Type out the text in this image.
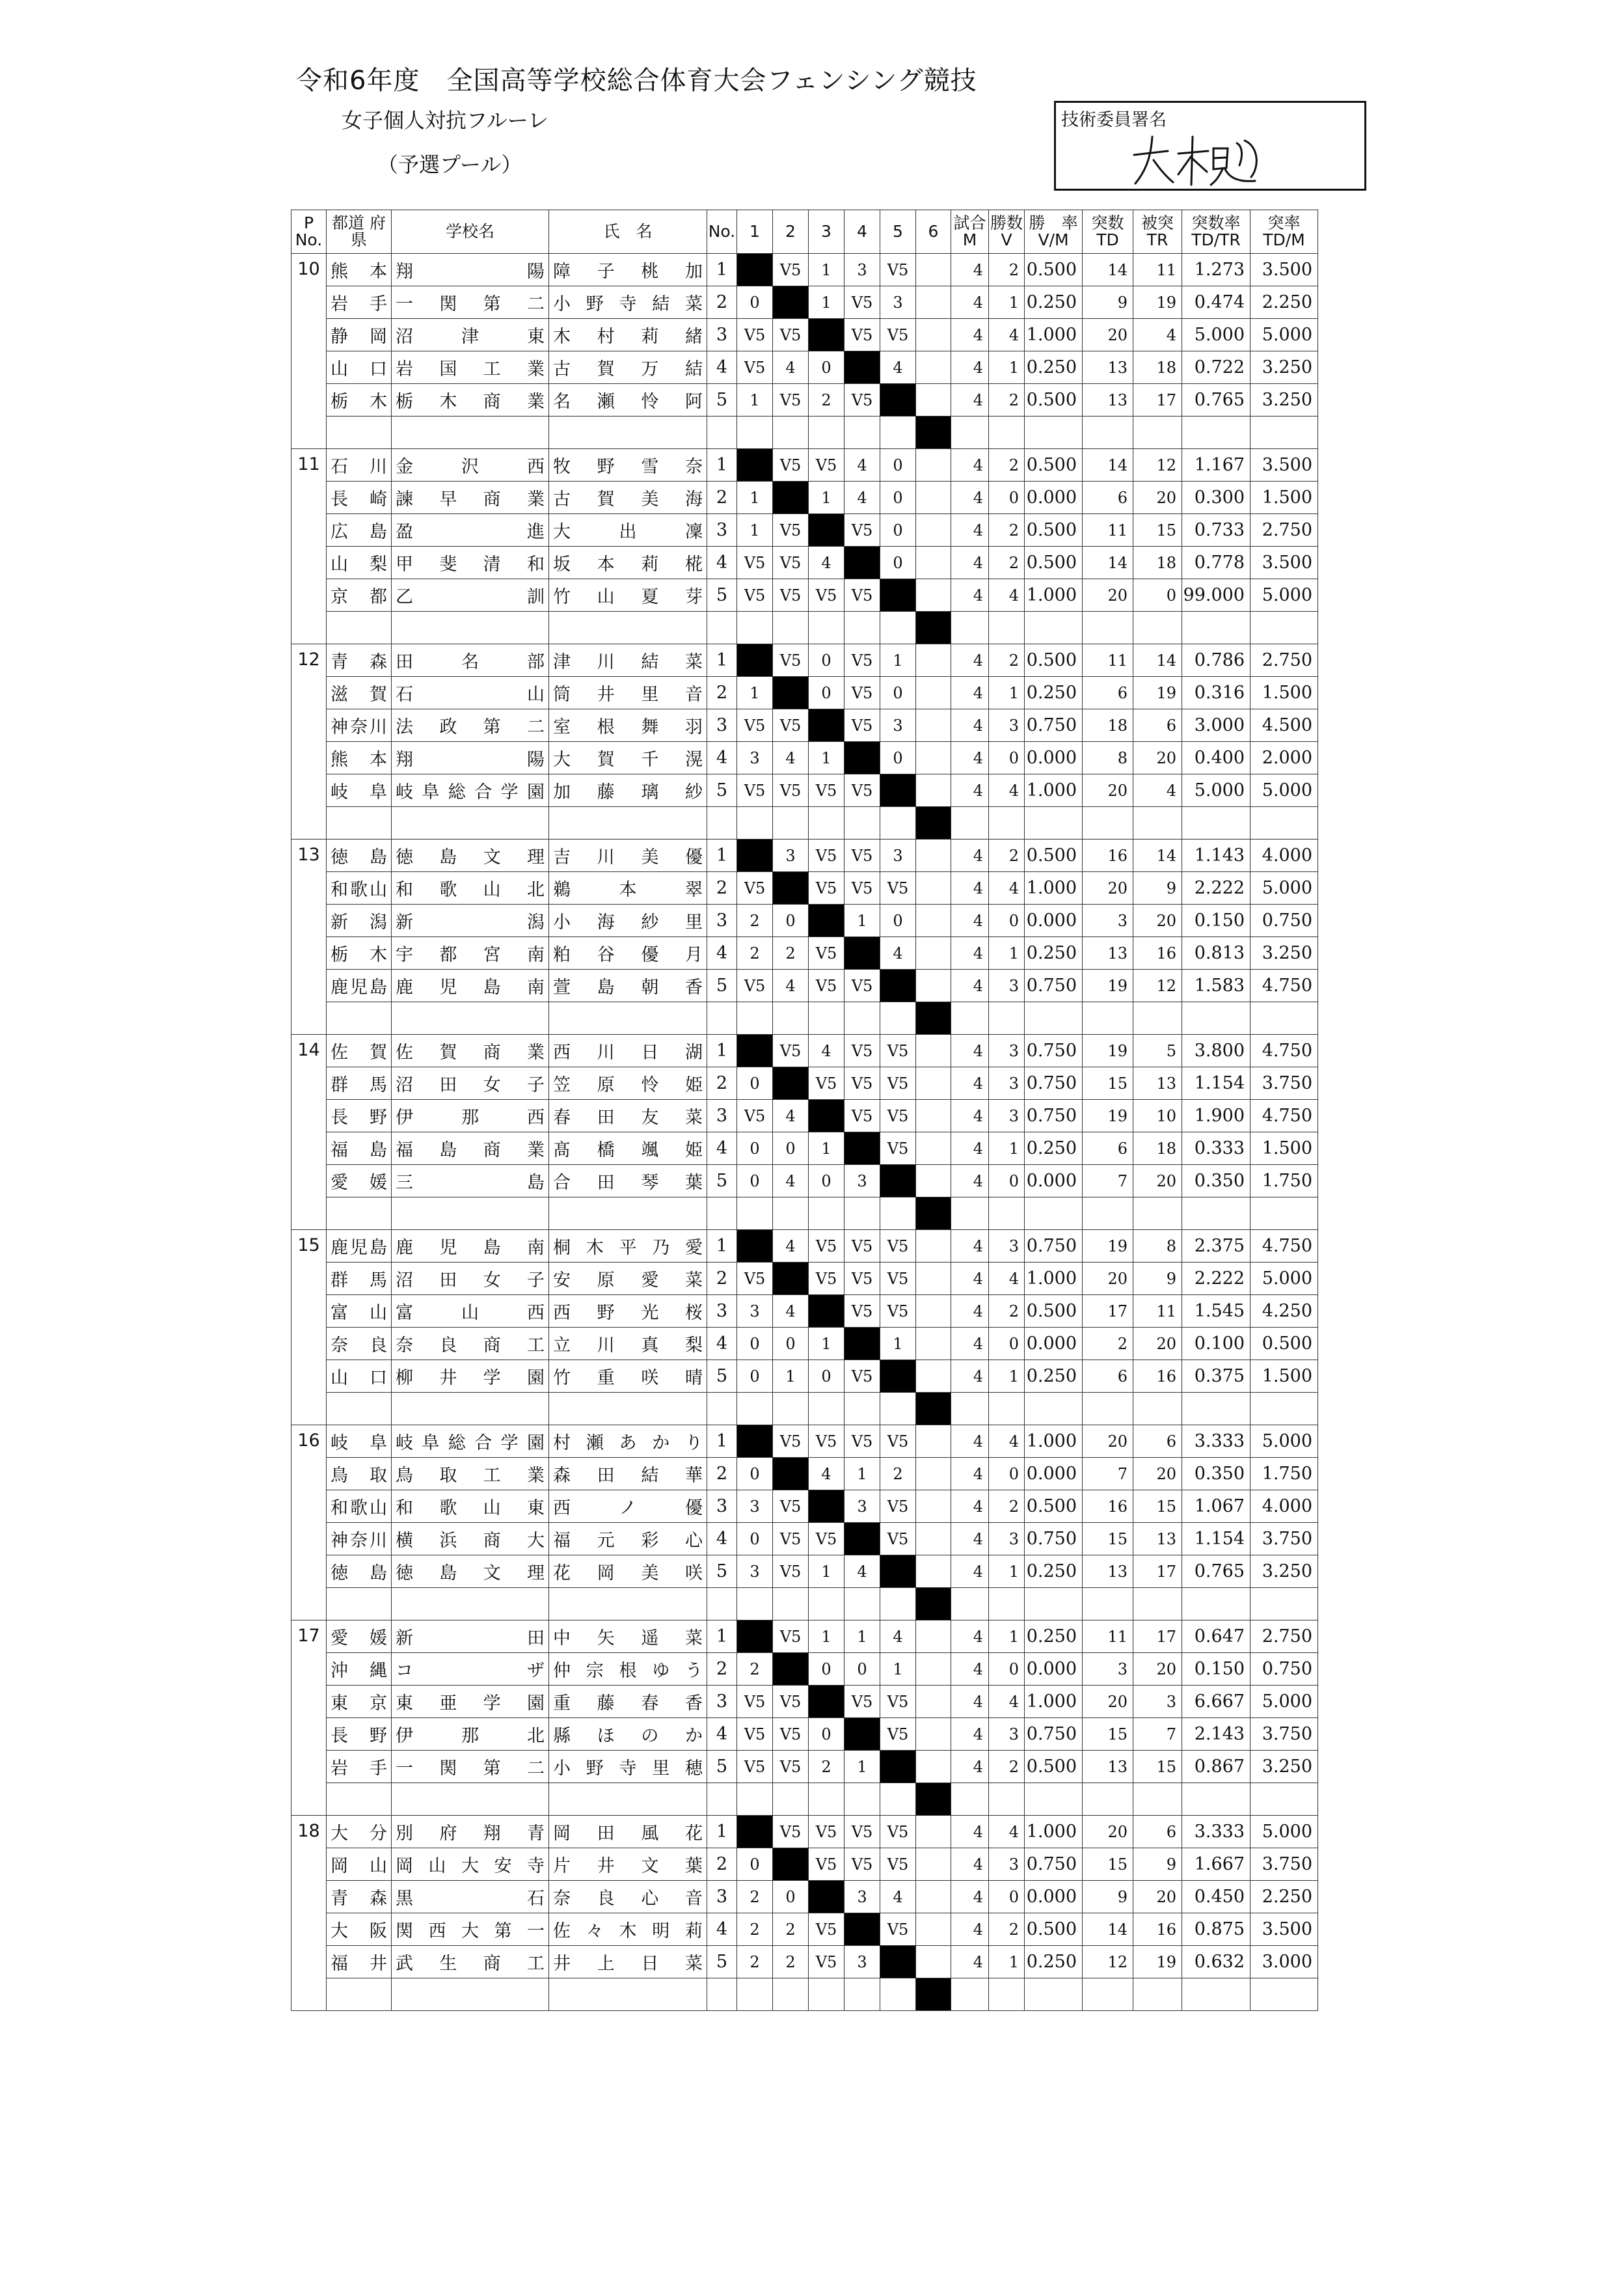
令和6年度　全国高等学校総合体育大会フェンシング競技
女子個人対抗フルーレ
（予選プール）
技術委員署名
P No.	都道 府県	学校名	氏　名	No.	1	2	3	4	5	6	試合 M	勝数 V	勝　率 V/M	突数 TD	被突 TR	突数率 TD/TR	突率 TD/M
10	熊本	翔陽	障子桃加	1		V5	1	3	V5		4	2	0.500	14	11	1.273	3.500
	岩手	一関第二	小野寺結菜	2	0		1	V5	3		4	1	0.250	9	19	0.474	2.250
	静岡	沼津東	木村莉緒	3	V5	V5		V5	V5		4	4	1.000	20	4	5.000	5.000
	山口	岩国工業	古賀万結	4	V5	4	0		4		4	1	0.250	13	18	0.722	3.250
	栃木	栃木商業	名瀬怜阿	5	1	V5	2	V5			4	2	0.500	13	17	0.765	3.250

11	石川	金沢西	牧野雪奈	1		V5	V5	4	0		4	2	0.500	14	12	1.167	3.500
	長崎	諫早商業	古賀美海	2	1		1	4	0		4	0	0.000	6	20	0.300	1.500
	広島	盈進	大出凜	3	1	V5		V5	0		4	2	0.500	11	15	0.733	2.750
	山梨	甲斐清和	坂本莉椛	4	V5	V5	4		0		4	2	0.500	14	18	0.778	3.500
	京都	乙訓	竹山夏芽	5	V5	V5	V5	V5			4	4	1.000	20	0	99.000	5.000

12	青森	田名部	津川結菜	1		V5	0	V5	1		4	2	0.500	11	14	0.786	2.750
	滋賀	石山	筒井里音	2	1		0	V5	0		4	1	0.250	6	19	0.316	1.500
	神奈川	法政第二	室根舞羽	3	V5	V5		V5	3		4	3	0.750	18	6	3.000	4.500
	熊本	翔陽	大賀千滉	4	3	4	1		0		4	0	0.000	8	20	0.400	2.000
	岐阜	岐阜総合学園	加藤璃紗	5	V5	V5	V5	V5			4	4	1.000	20	4	5.000	5.000

13	徳島	徳島文理	吉川美優	1		3	V5	V5	3		4	2	0.500	16	14	1.143	4.000
	和歌山	和歌山北	鵜本翠	2	V5		V5	V5	V5		4	4	1.000	20	9	2.222	5.000
	新潟	新潟	小海紗里	3	2	0		1	0		4	0	0.000	3	20	0.150	0.750
	栃木	宇都宮南	粕谷優月	4	2	2	V5		4		4	1	0.250	13	16	0.813	3.250
	鹿児島	鹿児島南	萱島朝香	5	V5	4	V5	V5			4	3	0.750	19	12	1.583	4.750

14	佐賀	佐賀商業	西川日湖	1		V5	4	V5	V5		4	3	0.750	19	5	3.800	4.750
	群馬	沼田女子	笠原怜姫	2	0		V5	V5	V5		4	3	0.750	15	13	1.154	3.750
	長野	伊那西	春田友菜	3	V5	4		V5	V5		4	3	0.750	19	10	1.900	4.750
	福島	福島商業	髙橋颯姫	4	0	0	1		V5		4	1	0.250	6	18	0.333	1.500
	愛媛	三島	合田琴葉	5	0	4	0	3			4	0	0.000	7	20	0.350	1.750

15	鹿児島	鹿児島南	桐木平乃愛	1		4	V5	V5	V5		4	3	0.750	19	8	2.375	4.750
	群馬	沼田女子	安原愛菜	2	V5		V5	V5	V5		4	4	1.000	20	9	2.222	5.000
	富山	富山西	西野光桜	3	3	4		V5	V5		4	2	0.500	17	11	1.545	4.250
	奈良	奈良商工	立川真梨	4	0	0	1		1		4	0	0.000	2	20	0.100	0.500
	山口	柳井学園	竹重咲晴	5	0	1	0	V5			4	1	0.250	6	16	0.375	1.500

16	岐阜	岐阜総合学園	村瀬あかり	1		V5	V5	V5	V5		4	4	1.000	20	6	3.333	5.000
	鳥取	鳥取工業	森田結華	2	0		4	1	2		4	0	0.000	7	20	0.350	1.750
	和歌山	和歌山東	西ノ優	3	3	V5		3	V5		4	2	0.500	16	15	1.067	4.000
	神奈川	横浜商大	福元彩心	4	0	V5	V5		V5		4	3	0.750	15	13	1.154	3.750
	徳島	徳島文理	花岡美咲	5	3	V5	1	4			4	1	0.250	13	17	0.765	3.250

17	愛媛	新田	中矢遥菜	1		V5	1	1	4		4	1	0.250	11	17	0.647	2.750
	沖縄	コザ	仲宗根ゆう	2	2		0	0	1		4	0	0.000	3	20	0.150	0.750
	東京	東亜学園	重藤春香	3	V5	V5		V5	V5		4	4	1.000	20	3	6.667	5.000
	長野	伊那北	縣ほのか	4	V5	V5	0		V5		4	3	0.750	15	7	2.143	3.750
	岩手	一関第二	小野寺里穂	5	V5	V5	2	1			4	2	0.500	13	15	0.867	3.250

18	大分	別府翔青	岡田風花	1		V5	V5	V5	V5		4	4	1.000	20	6	3.333	5.000
	岡山	岡山大安寺	片井文葉	2	0		V5	V5	V5		4	3	0.750	15	9	1.667	3.750
	青森	黒石	奈良心音	3	2	0		3	4		4	0	0.000	9	20	0.450	2.250
	大阪	関西大第一	佐々木明莉	4	2	2	V5		V5		4	2	0.500	14	16	0.875	3.500
	福井	武生商工	井上日菜	5	2	2	V5	3			4	1	0.250	12	19	0.632	3.000
